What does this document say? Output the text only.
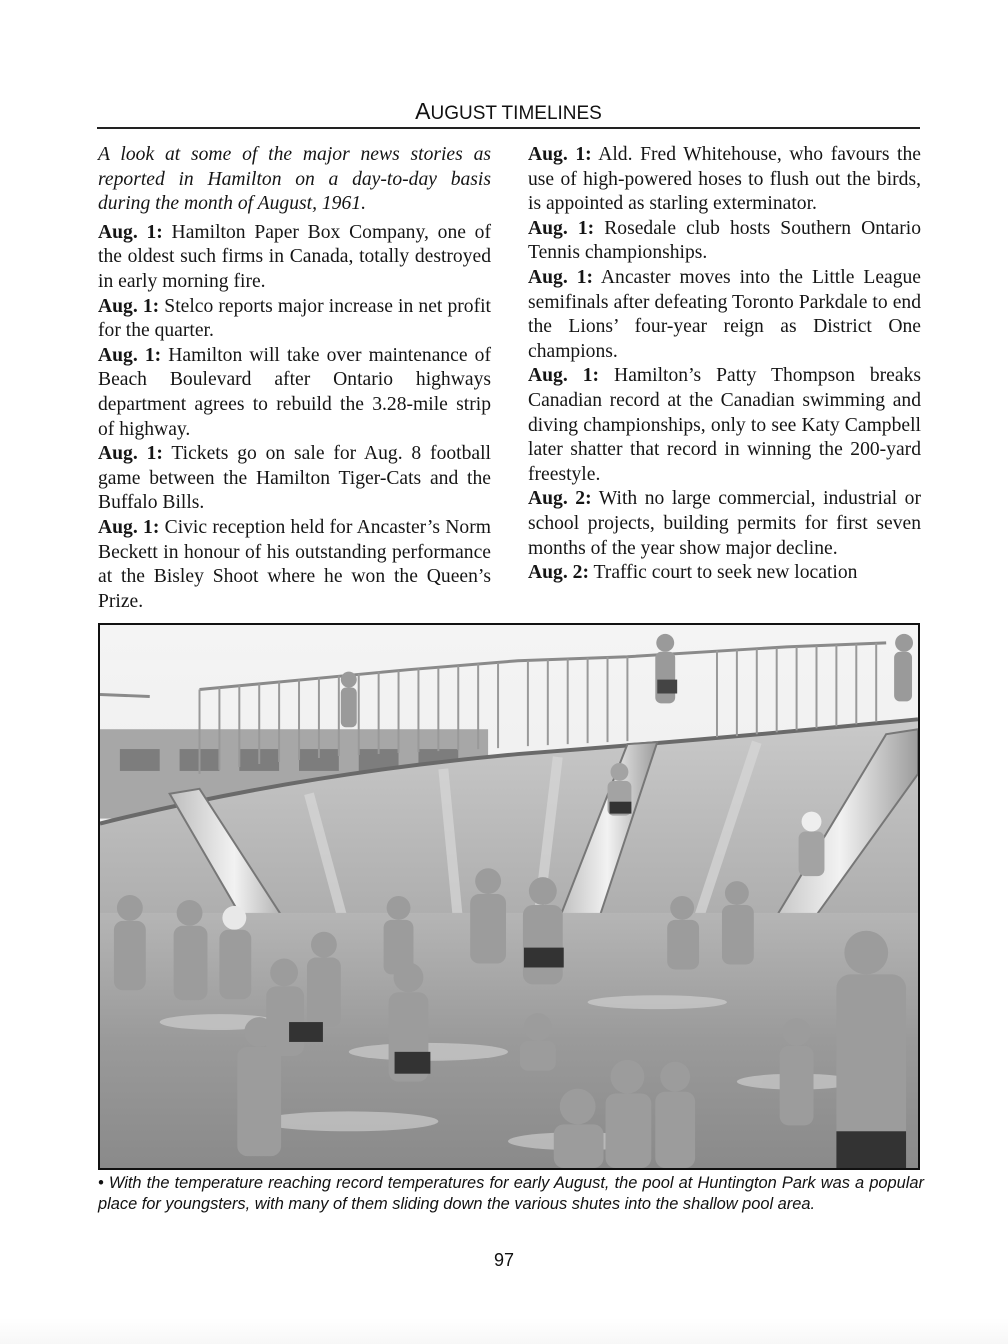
AUGUST TIMELINES

A look at some of the major news stories as reported in Hamilton on a day-to-day basis during the month of August, 1961.

Aug. 1: Hamilton Paper Box Company, one of the oldest such firms in Canada, totally destroyed in early morning fire.

Aug. 1: Stelco reports major increase in net profit for the quarter.

Aug. 1: Hamilton will take over maintenance of Beach Boulevard after Ontario highways department agrees to rebuild the 3.28-mile strip of highway.

Aug. 1: Tickets go on sale for Aug. 8 football game between the Hamilton Tiger-Cats and the Buffalo Bills.

Aug. 1: Civic reception held for Ancaster’s Norm Beckett in honour of his outstanding performance at the Bisley Shoot where he won the Queen’s Prize.

Aug. 1: Ald. Fred Whitehouse, who favours the use of high-powered hoses to flush out the birds, is appointed as starling exterminator.

Aug. 1: Rosedale club hosts Southern Ontario Tennis championships.

Aug. 1: Ancaster moves into the Little League semifinals after defeating Toronto Parkdale to end the Lions’ four-year reign as District One champions.

Aug. 1: Hamilton’s Patty Thompson breaks Canadian record at the Canadian swimming and diving championships, only to see Katy Campbell later shatter that record in winning the 200-yard freestyle.

Aug. 2: With no large commercial, industrial or school projects, building permits for first seven months of the year show major decline.

Aug. 2: Traffic court to seek new location

• With the temperature reaching record temperatures for early August, the pool at Huntington Park was a popular place for youngsters, with many of them sliding down the various shutes into the shallow pool area.
97
